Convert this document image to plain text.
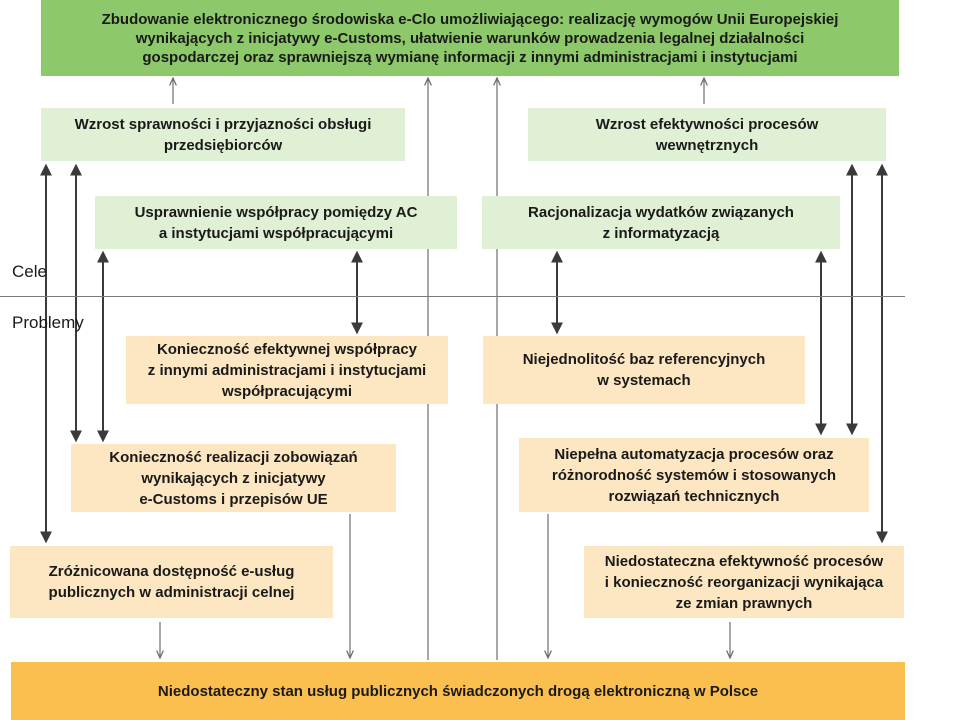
Zbudowanie elektronicznego środowiska e-Clo umożliwiającego: realizację wymogów Unii Europejskiej
wynikających z inicjatywy e-Customs, ułatwienie warunków prowadzenia legalnej działalności
gospodarczej oraz sprawniejszą wymianę informacji z innymi administracjami i instytucjami
Wzrost sprawności i przyjazności obsługi
przedsiębiorców
Wzrost efektywności procesów
wewnętrznych
Usprawnienie współpracy pomiędzy AC
a instytucjami współpracującymi
Racjonalizacja wydatków związanych
z informatyzacją
Cele
Problemy
Konieczność efektywnej współpracy
z innymi administracjami i instytucjami
współpracującymi
Niejednolitość baz referencyjnych
w systemach
Konieczność realizacji zobowiązań
wynikających z inicjatywy
e-Customs i przepisów UE
Niepełna automatyzacja procesów oraz
różnorodność systemów i stosowanych
rozwiązań technicznych
Zróżnicowana dostępność e-usług
publicznych w administracji celnej
Niedostateczna efektywność procesów
i konieczność reorganizacji wynikająca
ze zmian prawnych
Niedostateczny stan usług publicznych świadczonych drogą elektroniczną w Polsce
